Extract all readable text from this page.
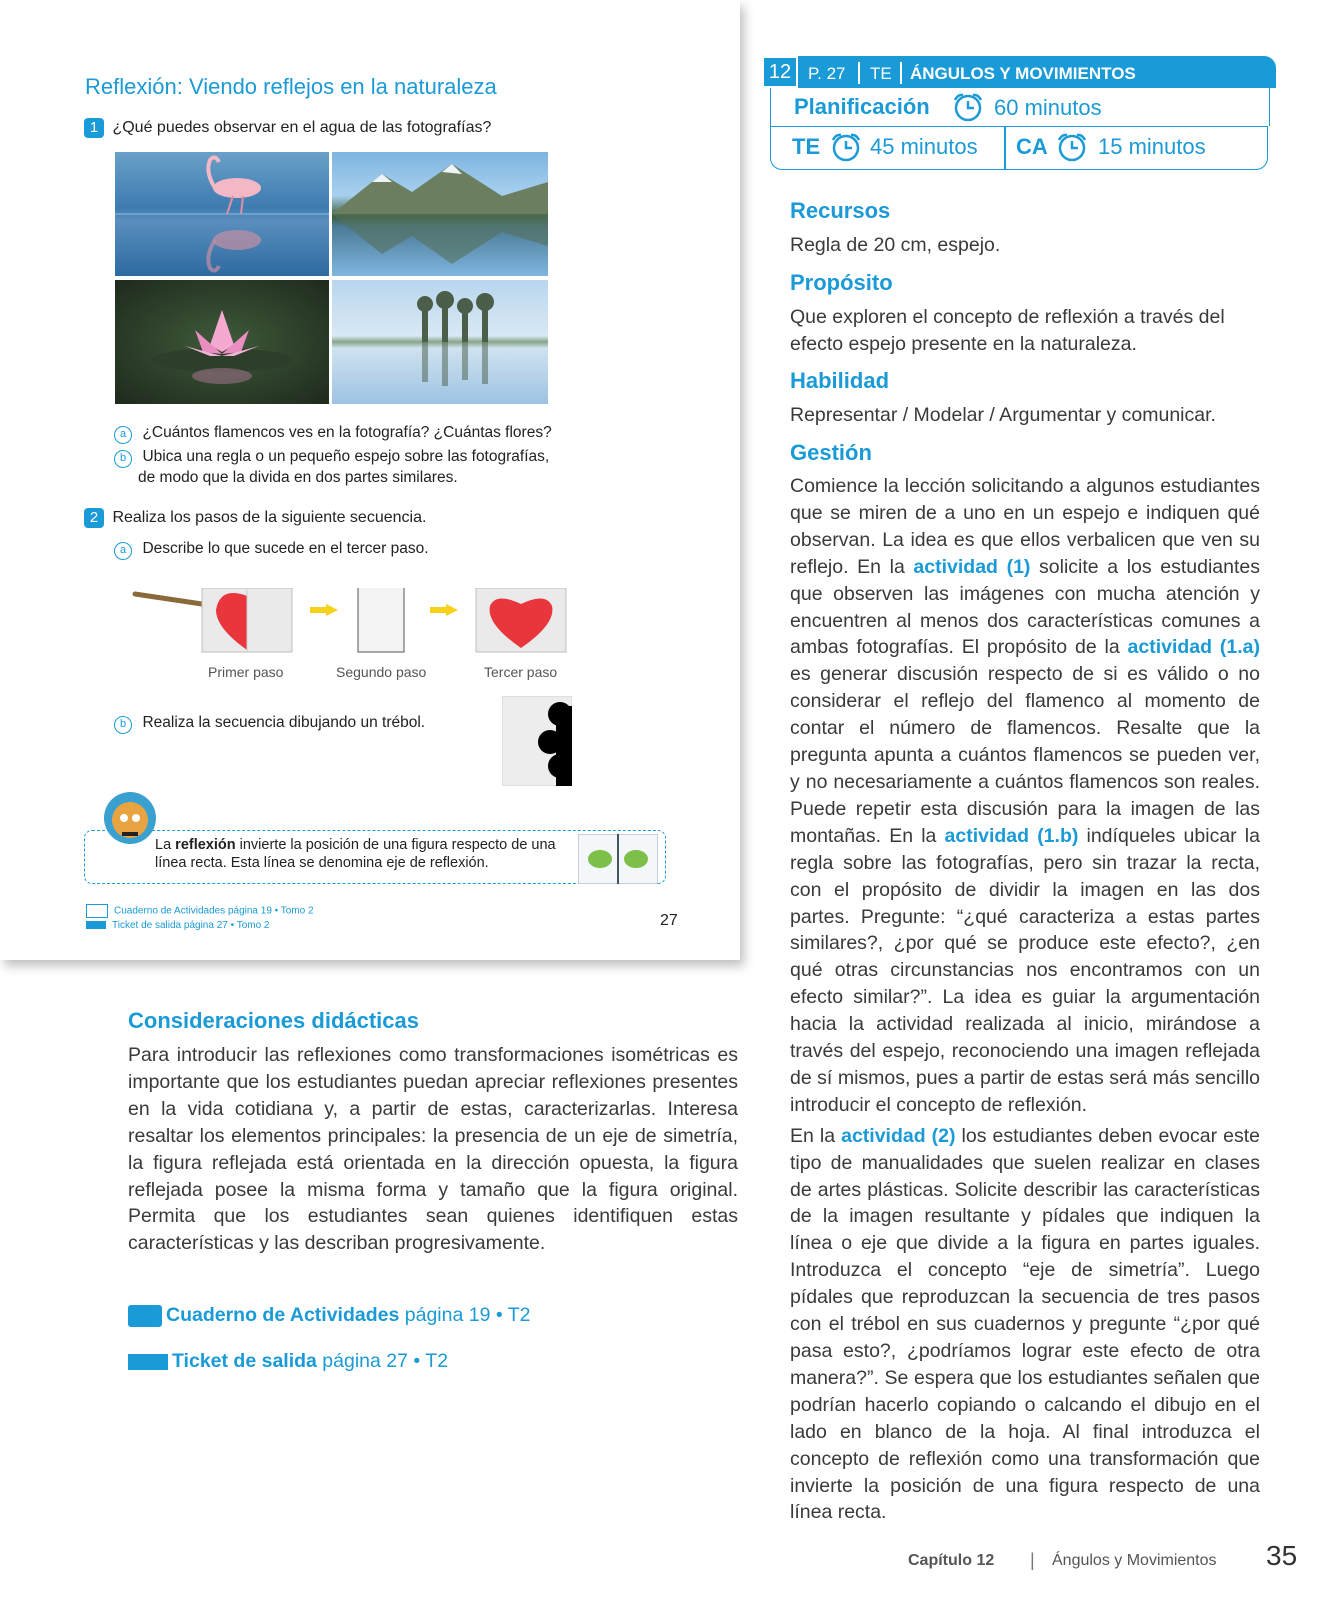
Reflexión: Viendo reflejos en la naturaleza
1 ¿Qué puedes observar en el agua de las fotografías?
a ¿Cuántos flamencos ves en la fotografía? ¿Cuántas flores?
b Ubica una regla o un pequeño espejo sobre las fotografías,
de modo que la divida en dos partes similares.
2 Realiza los pasos de la siguiente secuencia.
a Describe lo que sucede en el tercer paso.
Primer paso	Segundo paso	Tercer paso
b Realiza la secuencia dibujando un trébol.
La reflexión invierte la posición de una figura respecto de una línea recta. Esta línea se denomina eje de reflexión.
Cuaderno de Actividades página 19 • Tomo 2
Ticket de salida página 27 • Tomo 2	27
Consideraciones didácticas
Para introducir las reflexiones como transformaciones isométricas es importante que los estudiantes puedan apreciar reflexiones presentes en la vida cotidiana y, a partir de estas, caracterizarlas. Interesa resaltar los elementos principales: la presencia de un eje de simetría, la figura reflejada está orientada en la dirección opuesta, la figura reflejada posee la misma forma y tamaño que la figura original. Permita que los estudiantes sean quienes identifiquen estas características y las describan progresivamente.
Cuaderno de Actividades página 19 • T2
Ticket de salida página 27 • T2
12 P. 27 TE ÁNGULOS Y MOVIMIENTOS
Planificación	60 minutos
TE 45 minutos CA 15 minutos
Recursos
Regla de 20 cm, espejo.
Propósito
Que exploren el concepto de reflexión a través del
efecto espejo presente en la naturaleza.
Habilidad
Representar / Modelar / Argumentar y comunicar.
Gestión
Comience la lección solicitando a algunos estudiantes que se miren de a uno en un espejo e indiquen qué observan. La idea es que ellos verbalicen que ven su reflejo. En la actividad (1) solicite a los estudiantes que observen las imágenes con mucha atención y encuentren al menos dos características comunes a ambas fotografías. El propósito de la actividad (1.a) es generar discusión respecto de si es válido o no considerar el reflejo del flamenco al momento de contar el número de flamencos. Resalte que la pregunta apunta a cuántos flamencos se pueden ver, y no necesariamente a cuántos flamencos son reales. Puede repetir esta discusión para la imagen de las montañas. En la actividad (1.b) indíqueles ubicar la regla sobre las fotografías, pero sin trazar la recta, con el propósito de dividir la imagen en las dos partes. Pregunte: “¿qué caracteriza a estas partes similares?, ¿por qué se produce este efecto?, ¿en qué otras circunstancias nos encontramos con un efecto similar?”. La idea es guiar la argumentación hacia la actividad realizada al inicio, mirándose a través del espejo, reconociendo una imagen reflejada de sí mismos, pues a partir de estas será más sencillo introducir el concepto de reflexión.
En la actividad (2) los estudiantes deben evocar este tipo de manualidades que suelen realizar en clases de artes plásticas. Solicite describir las características de la imagen resultante y pídales que indiquen la línea o eje que divide a la figura en partes iguales. Introduzca el concepto “eje de simetría”. Luego pídales que reproduzcan la secuencia de tres pasos con el trébol en sus cuadernos y pregunte “¿por qué pasa esto?, ¿podríamos lograr este efecto de otra manera?”. Se espera que los estudiantes señalen que podrían hacerlo copiando o calcando el dibujo en el lado en blanco de la hoja. Al final introduzca el concepto de reflexión como una transformación que invierte la posición de una figura respecto de una línea recta.
Capítulo 12 | Ángulos y Movimientos 35
